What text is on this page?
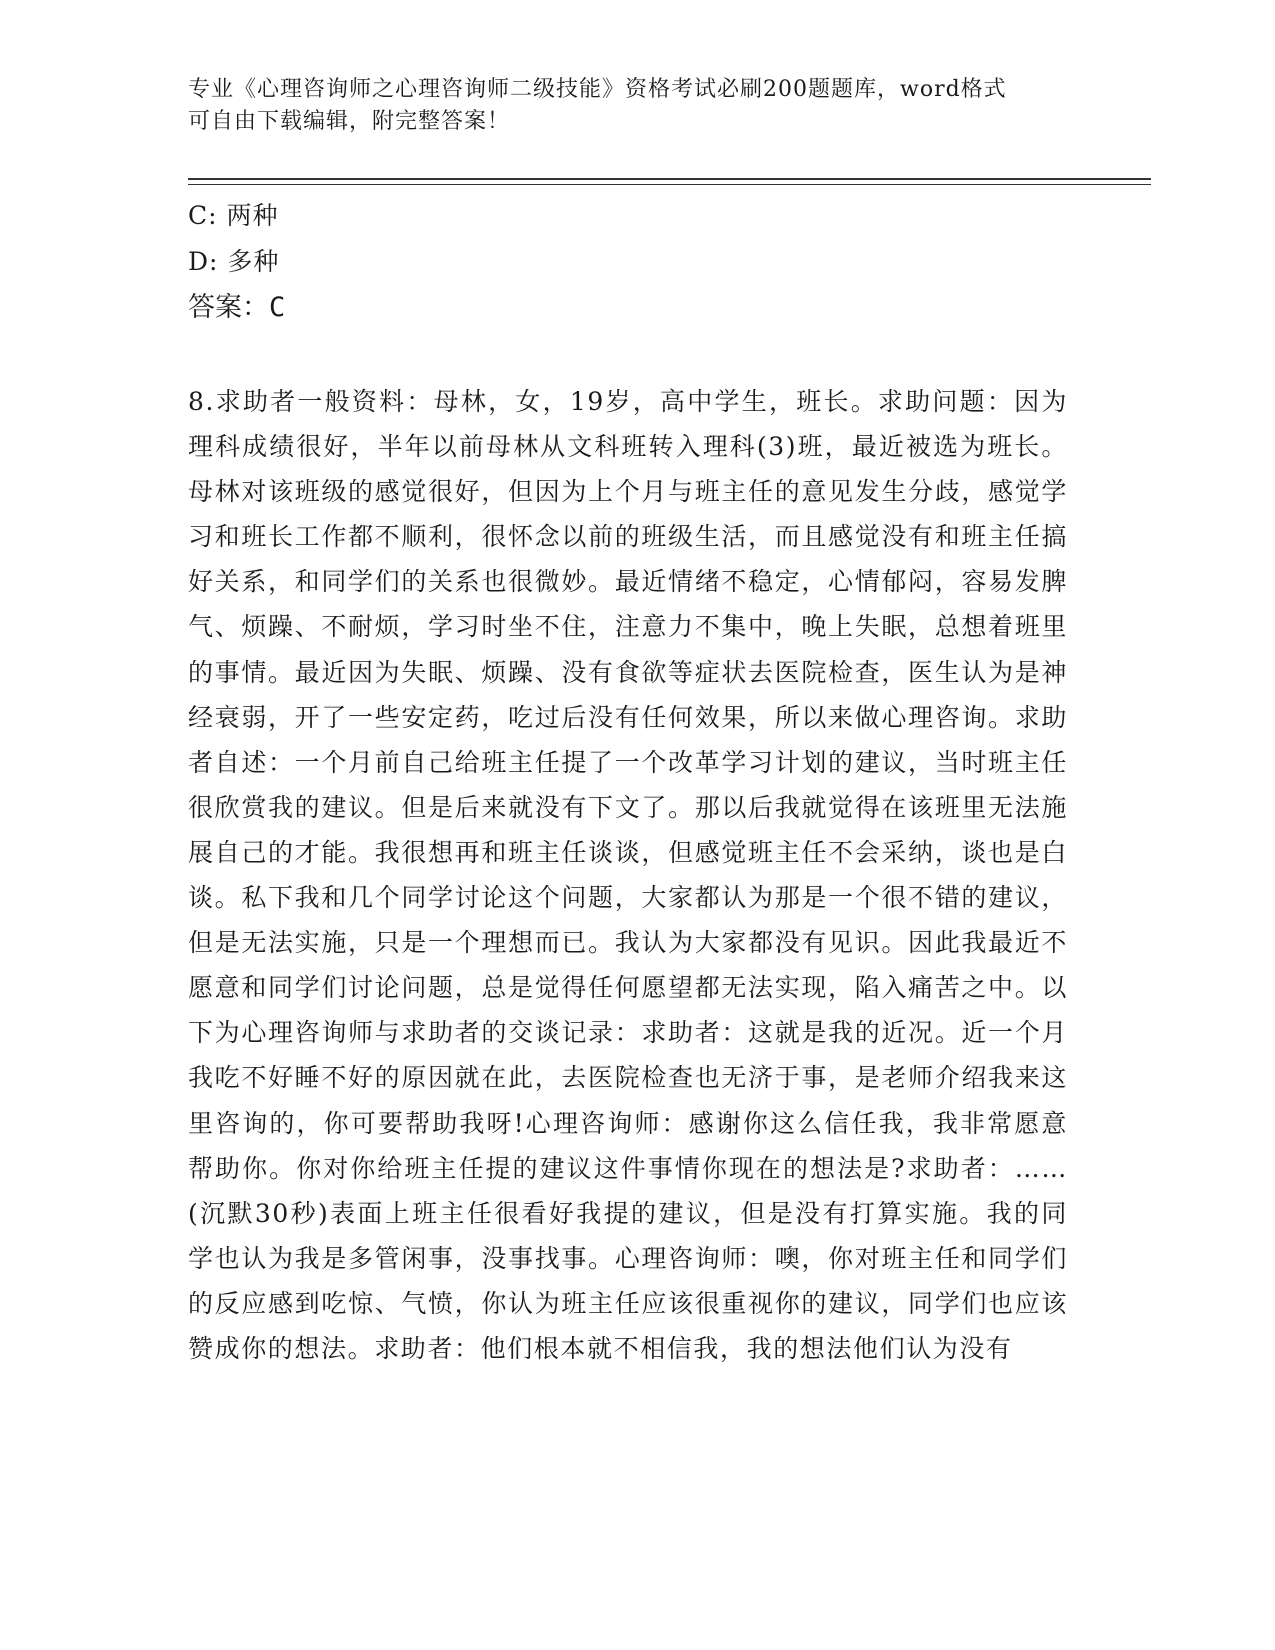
专业《心理咨询师之心理咨询师二级技能》资格考试必刷200题题库，word格式
可自由下载编辑，附完整答案！

C: 两种

D: 多种

答案：C

8.求助者一般资料：母林，女，19岁，高中学生，班长。求助问题：因为理科成绩很好，半年以前母林从文科班转入理科(3)班，最近被选为班长。母林对该班级的感觉很好，但因为上个月与班主任的意见发生分歧，感觉学习和班长工作都不顺利，很怀念以前的班级生活，而且感觉没有和班主任搞好关系，和同学们的关系也很微妙。最近情绪不稳定，心情郁闷，容易发脾气、烦躁、不耐烦，学习时坐不住，注意力不集中，晚上失眠，总想着班里的事情。最近因为失眠、烦躁、没有食欲等症状去医院检查，医生认为是神经衰弱，开了一些安定药，吃过后没有任何效果，所以来做心理咨询。求助者自述：一个月前自己给班主任提了一个改革学习计划的建议，当时班主任很欣赏我的建议。但是后来就没有下文了。那以后我就觉得在该班里无法施展自己的才能。我很想再和班主任谈谈，但感觉班主任不会采纳，谈也是白谈。私下我和几个同学讨论这个问题，大家都认为那是一个很不错的建议，但是无法实施，只是一个理想而已。我认为大家都没有见识。因此我最近不愿意和同学们讨论问题，总是觉得任何愿望都无法实现，陷入痛苦之中。以下为心理咨询师与求助者的交谈记录：求助者：这就是我的近况。近一个月我吃不好睡不好的原因就在此，去医院检查也无济于事，是老师介绍我来这里咨询的，你可要帮助我呀!心理咨询师：感谢你这么信任我，我非常愿意帮助你。你对你给班主任提的建议这件事情你现在的想法是?求助者：……(沉默30秒)表面上班主任很看好我提的建议，但是没有打算实施。我的同学也认为我是多管闲事，没事找事。心理咨询师：噢，你对班主任和同学们的反应感到吃惊、气愤，你认为班主任应该很重视你的建议，同学们也应该赞成你的想法。求助者：他们根本就不相信我，我的想法他们认为没有
